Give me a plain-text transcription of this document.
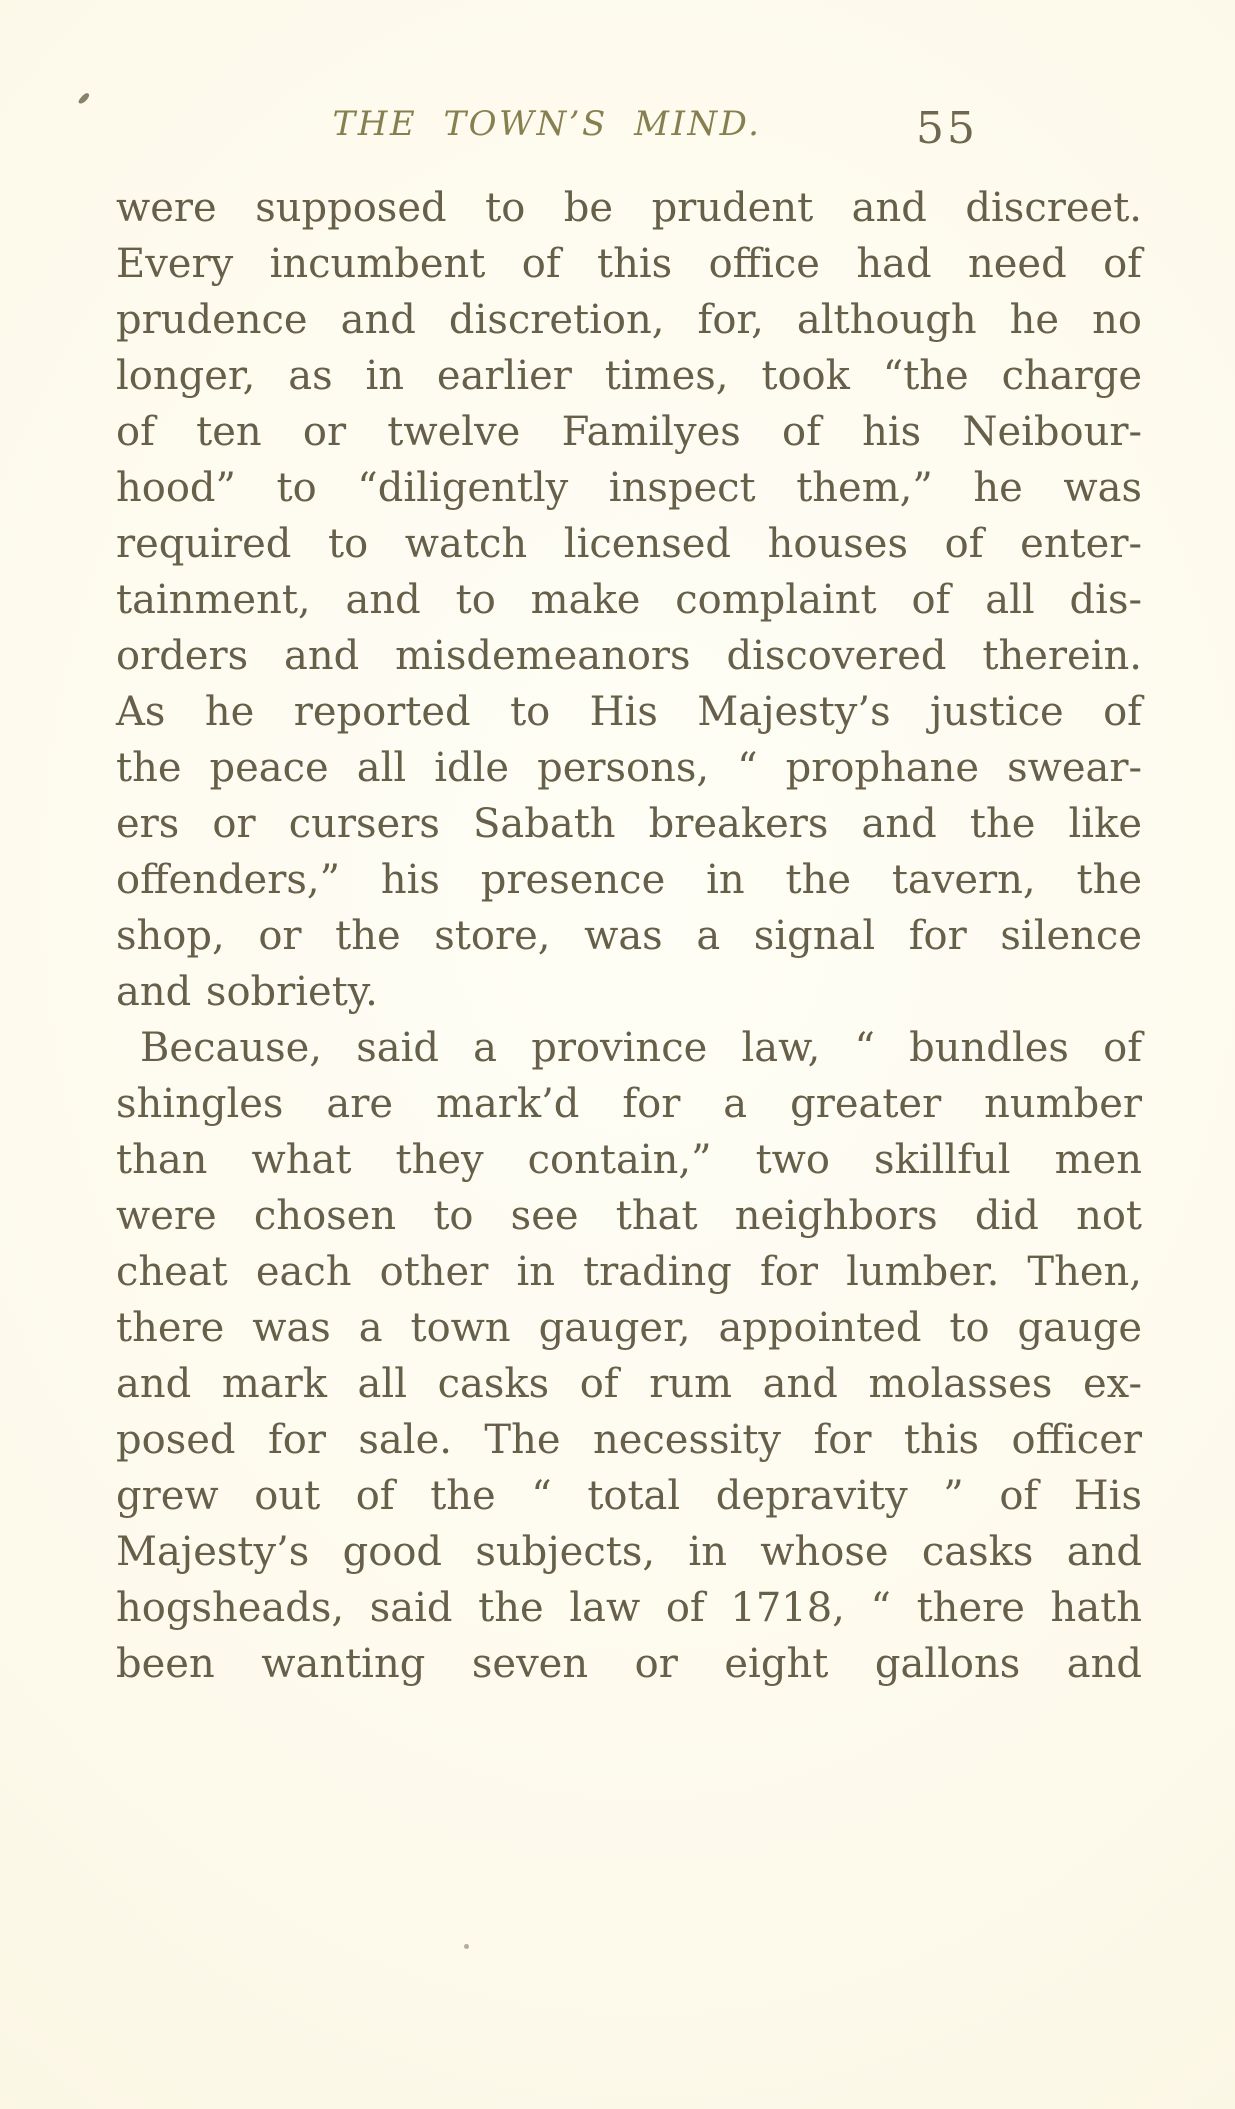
THE TOWN’S MIND.	55
were supposed to be prudent and discreet.
Every incumbent of this office had need of
prudence and discretion, for, although he no
longer, as in earlier times, took “the charge
of ten or twelve Familyes of his Neibour-
hood” to “diligently inspect them,” he was
required to watch licensed houses of enter-
tainment, and to make complaint of all dis-
orders and misdemeanors discovered therein.
As he reported to His Majesty’s justice of
the peace all idle persons, “ prophane swear-
ers or cursers Sabath breakers and the like
offenders,” his presence in the tavern, the
shop, or the store, was a signal for silence
and sobriety.
Because, said a province law, “ bundles of
shingles are mark’d for a greater number
than what they contain,” two skillful men
were chosen to see that neighbors did not
cheat each other in trading for lumber. Then,
there was a town gauger, appointed to gauge
and mark all casks of rum and molasses ex-
posed for sale. The necessity for this officer
grew out of the “ total depravity ” of His
Majesty’s good subjects, in whose casks and
hogsheads, said the law of 1718, “ there hath
been wanting seven or eight gallons and
